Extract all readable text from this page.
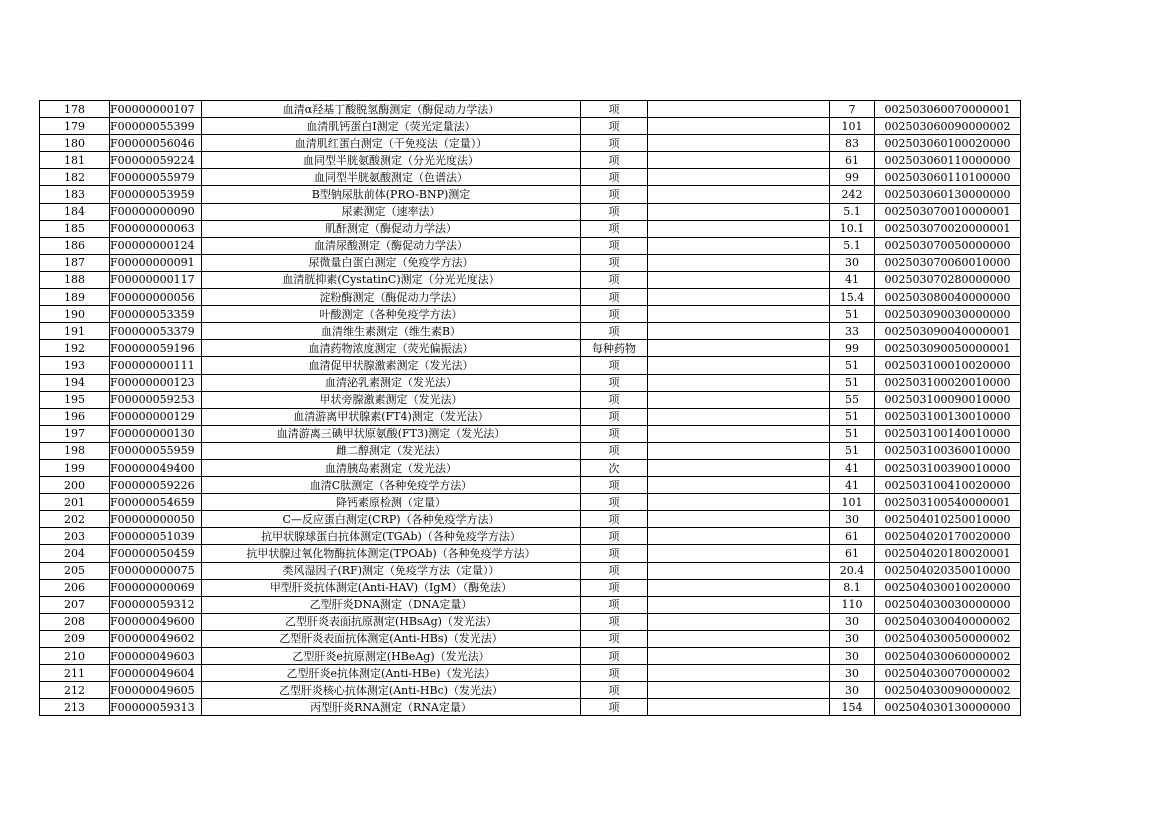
178	F00000000107	血清α羟基丁酸脱氢酶测定（酶促动力学法）	项		7	002503060070000001
179	F00000055399	血清肌钙蛋白Ⅰ测定（荧光定量法）	项		101	002503060090000002
180	F00000056046	血清肌红蛋白测定（干免疫法（定量））	项		83	002503060100020000
181	F00000059224	血同型半胱氨酸测定（分光光度法）	项		61	002503060110000000
182	F00000055979	血同型半胱氨酸测定（色谱法）	项		99	002503060110100000
183	F00000053959	B型钠尿肽前体(PRO-BNP)测定	项		242	002503060130000000
184	F00000000090	尿素测定（速率法）	项		5.1	002503070010000001
185	F00000000063	肌酐测定（酶促动力学法）	项		10.1	002503070020000001
186	F00000000124	血清尿酸测定（酶促动力学法）	项		5.1	002503070050000000
187	F00000000091	尿微量白蛋白测定（免疫学方法）	项		30	002503070060010000
188	F00000000117	血清胱抑素(CystatinC)测定（分光光度法）	项		41	002503070280000000
189	F00000000056	淀粉酶测定（酶促动力学法）	项		15.4	002503080040000000
190	F00000053359	叶酸测定（各种免疫学方法）	项		51	002503090030000000
191	F00000053379	血清维生素测定（维生素B）	项		33	002503090040000001
192	F00000059196	血清药物浓度测定（荧光偏振法）	每种药物		99	002503090050000001
193	F00000000111	血清促甲状腺激素测定（发光法）	项		51	002503100010020000
194	F00000000123	血清泌乳素测定（发光法）	项		51	002503100020010000
195	F00000059253	甲状旁腺激素测定（发光法）	项		55	002503100090010000
196	F00000000129	血清游离甲状腺素(FT4)测定（发光法）	项		51	002503100130010000
197	F00000000130	血清游离三碘甲状原氨酸(FT3)测定（发光法）	项		51	002503100140010000
198	F00000055959	雌二醇测定（发光法）	项		51	002503100360010000
199	F00000049400	血清胰岛素测定（发光法）	次		41	002503100390010000
200	F00000059226	血清C肽测定（各种免疫学方法）	项		41	002503100410020000
201	F00000054659	降钙素原检测（定量）	项		101	002503100540000001
202	F00000000050	C—反应蛋白测定(CRP)（各种免疫学方法）	项		30	002504010250010000
203	F00000051039	抗甲状腺球蛋白抗体测定(TGAb)（各种免疫学方法）	项		61	002504020170020000
204	F00000050459	抗甲状腺过氧化物酶抗体测定(TPOAb)（各种免疫学方法）	项		61	002504020180020001
205	F00000000075	类风湿因子(RF)测定（免疫学方法（定量））	项		20.4	002504020350010000
206	F00000000069	甲型肝炎抗体测定(Anti-HAV)（IgM）（酶免法）	项		8.1	002504030010020000
207	F00000059312	乙型肝炎DNA测定（DNA定量）	项		110	002504030030000000
208	F00000049600	乙型肝炎表面抗原测定(HBsAg)（发光法）	项		30	002504030040000002
209	F00000049602	乙型肝炎表面抗体测定(Anti-HBs)（发光法）	项		30	002504030050000002
210	F00000049603	乙型肝炎e抗原测定(HBeAg)（发光法）	项		30	002504030060000002
211	F00000049604	乙型肝炎e抗体测定(Anti-HBe)（发光法）	项		30	002504030070000002
212	F00000049605	乙型肝炎核心抗体测定(Anti-HBc)（发光法）	项		30	002504030090000002
213	F00000059313	丙型肝炎RNA测定（RNA定量）	项		154	002504030130000000
